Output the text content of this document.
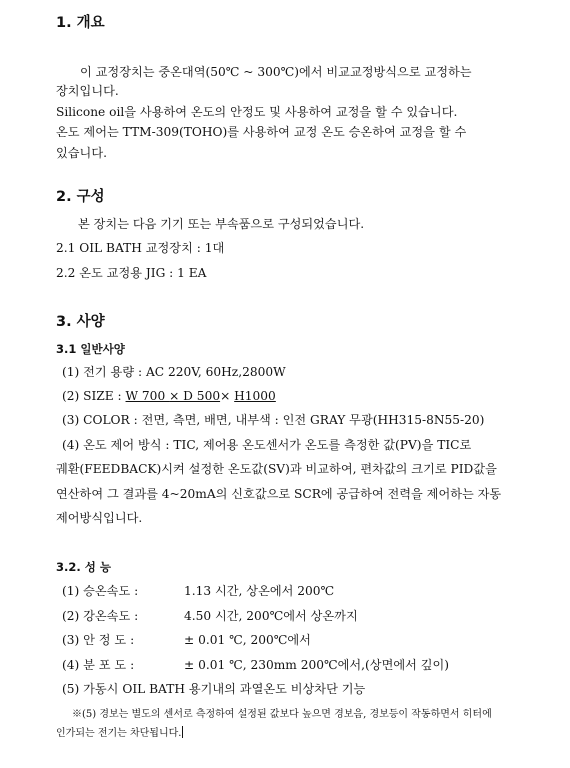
1. 개요
이 교정장치는 중온대역(50℃ ~ 300℃)에서 비교교정방식으로 교정하는
장치입니다.
Silicone oil을 사용하여 온도의 안정도 및 사용하여 교정을 할 수 있습니다.
온도 제어는 TTM-309(TOHO)를 사용하여 교정 온도 승온하여 교정을 할 수
있습니다.
2. 구성
본 장치는 다음 기기 또는 부속품으로 구성되었습니다.
2.1 OIL BATH 교정장치 : 1대
2.2 온도 교정용 JIG : 1 EA
3. 사양
3.1 일반사양
(1) 전기 용량 : AC 220V, 60Hz,2800W
(2) SIZE : W 700 × D 500× H1000
(3) COLOR : 전면, 측면, 배면, 내부색 : 인전 GRAY 무광(HH315-8N55-20)
(4) 온도 제어 방식 : TIC, 제어용 온도센서가 온도를 측정한 값(PV)을 TIC로
궤환(FEEDBACK)시켜 설정한 온도값(SV)과 비교하여, 편차값의 크기로 PID값을
연산하여 그 결과를 4~20mA의 신호값으로 SCR에 공급하여 전력을 제어하는 자동
제어방식입니다.
3.2. 성 능
(1) 승온속도 :	1.13 시간, 상온에서 200℃
(2) 강온속도 :	4.50 시간, 200℃에서 상온까지
(3) 안 정 도 :	± 0.01 ℃, 200℃에서
(4) 분 포 도 :	± 0.01 ℃, 230mm 200℃에서,(상면에서 깊이)
(5) 가동시 OIL BATH 용기내의 과열온도 비상차단 기능
※(5) 경보는 별도의 센서로 측정하여 설정된 값보다 높으면 경보음, 경보등이 작동하면서 히터에
인가되는 전기는 차단됩니다.
